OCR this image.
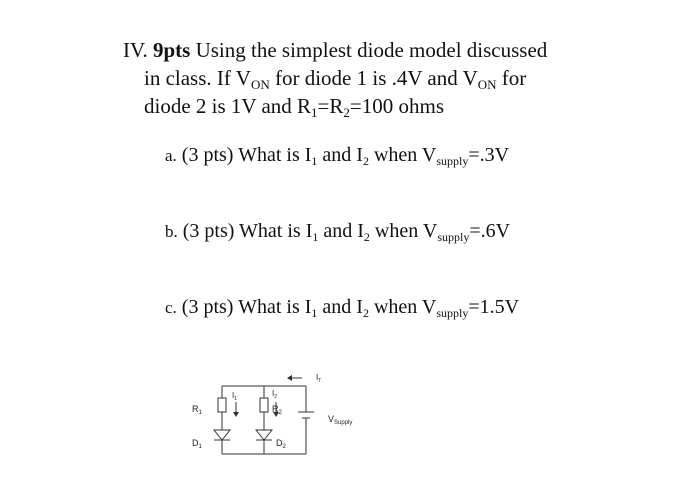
IV. 9pts Using the simplest diode model discussed
in class. If $V_{ON}$ for diode 1 is .4V and $V_{ON}$ for
diode 2 is 1V and $R_1=R_2=100$ ohms
a. (3 pts) What is $I_1$ and $I_2$ when $V_{supply}=.3V$
b. (3 pts) What is $I_1$ and $I_2$ when $V_{supply}=.6V$
c. (3 pts) What is $I_1$ and $I_2$ when $V_{supply}=1.5V$
$R_1$
$D_1$
$I_1$
$I_2$
$R_2$
$D_2$
$I_T$
$V_{Supply}$
